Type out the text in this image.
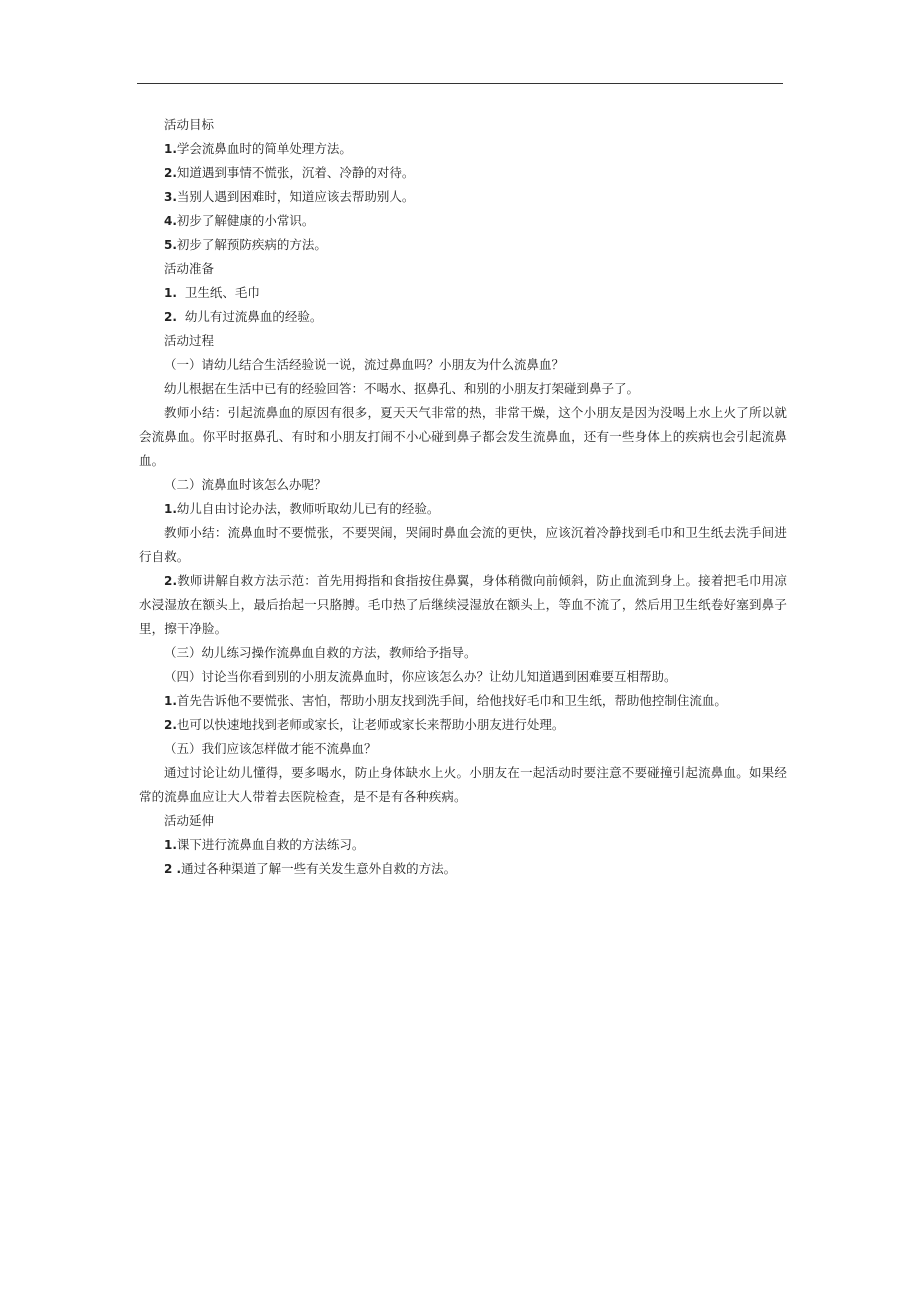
活动目标

1.学会流鼻血时的简单处理方法。

2.知道遇到事情不慌张，沉着、冷静的对待。

3.当别人遇到困难时，知道应该去帮助别人。

4.初步了解健康的小常识。

5.初步了解预防疾病的方法。

活动准备

1. 卫生纸、毛巾

2. 幼儿有过流鼻血的经验。

活动过程

（一）请幼儿结合生活经验说一说，流过鼻血吗？小朋友为什么流鼻血？

幼儿根据在生活中已有的经验回答：不喝水、抠鼻孔、和别的小朋友打架碰到鼻子了。

教师小结：引起流鼻血的原因有很多，夏天天气非常的热，非常干燥，这个小朋友是因为没喝上水上火了所以就会流鼻血。你平时抠鼻孔、有时和小朋友打闹不小心碰到鼻子都会发生流鼻血，还有一些身体上的疾病也会引起流鼻血。

（二）流鼻血时该怎么办呢？

1.幼儿自由讨论办法，教师听取幼儿已有的经验。

教师小结：流鼻血时不要慌张，不要哭闹，哭闹时鼻血会流的更快，应该沉着冷静找到毛巾和卫生纸去洗手间进行自救。

2.教师讲解自救方法示范：首先用拇指和食指按住鼻翼，身体稍微向前倾斜，防止血流到身上。接着把毛巾用凉水浸湿放在额头上，最后抬起一只胳膊。毛巾热了后继续浸湿放在额头上，等血不流了，然后用卫生纸卷好塞到鼻子里，擦干净脸。

（三）幼儿练习操作流鼻血自救的方法，教师给予指导。

（四）讨论当你看到别的小朋友流鼻血时，你应该怎么办？让幼儿知道遇到困难要互相帮助。

1.首先告诉他不要慌张、害怕，帮助小朋友找到洗手间，给他找好毛巾和卫生纸，帮助他控制住流血。

2.也可以快速地找到老师或家长，让老师或家长来帮助小朋友进行处理。

（五）我们应该怎样做才能不流鼻血？

通过讨论让幼儿懂得，要多喝水，防止身体缺水上火。小朋友在一起活动时要注意不要碰撞引起流鼻血。如果经常的流鼻血应让大人带着去医院检查，是不是有各种疾病。

活动延伸

1.课下进行流鼻血自救的方法练习。

2 .通过各种渠道了解一些有关发生意外自救的方法。
